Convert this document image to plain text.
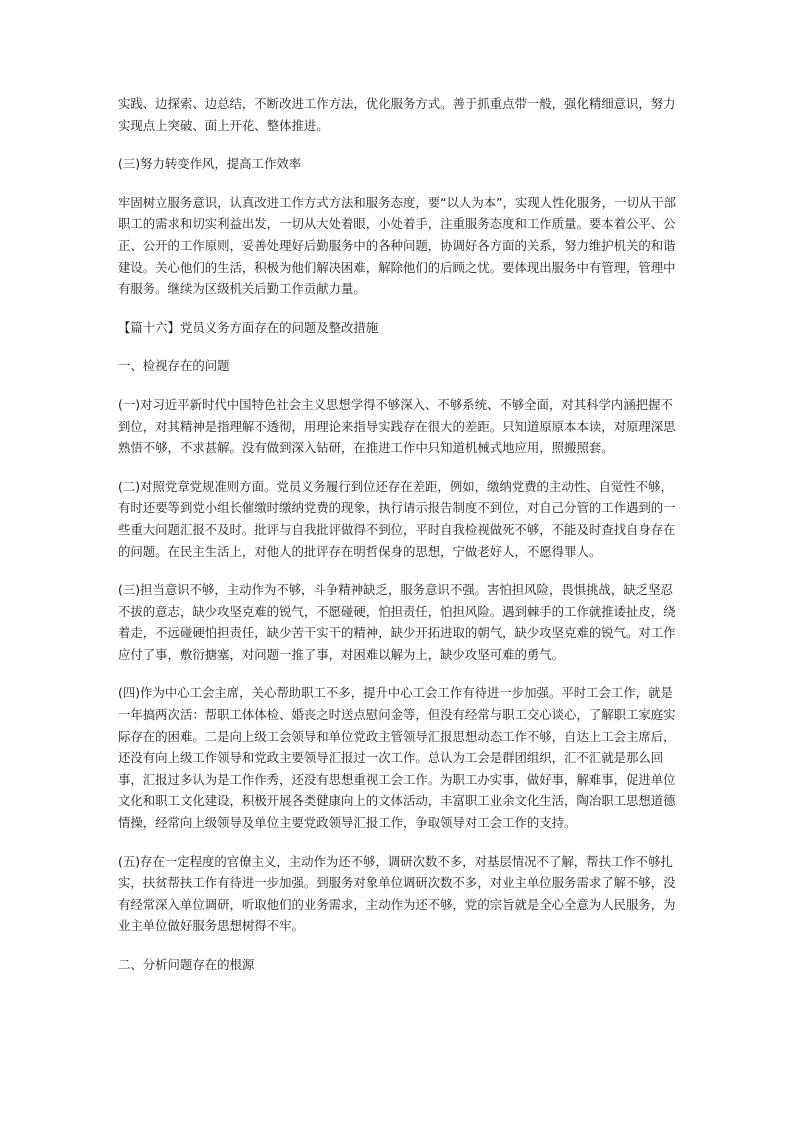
实践、边探索、边总结，不断改进工作方法，优化服务方式。善于抓重点带一般，强化精细意识，努力实现点上突破、面上开花、整体推进。

(三)努力转变作风，提高工作效率

牢固树立服务意识，认真改进工作方式方法和服务态度，要“以人为本”，实现人性化服务，一切从干部职工的需求和切实利益出发，一切从大处着眼，小处着手，注重服务态度和工作质量。要本着公平、公正、公开的工作原则，妥善处理好后勤服务中的各种问题，协调好各方面的关系，努力维护机关的和谐建设。关心他们的生活，积极为他们解决困难，解除他们的后顾之忧。要体现出服务中有管理，管理中有服务。继续为区级机关后勤工作贡献力量。

【篇十六】党员义务方面存在的问题及整改措施

一、检视存在的问题

(一)对习近平新时代中国特色社会主义思想学得不够深入、不够系统、不够全面，对其科学内涵把握不到位，对其精神是指理解不透彻，用理论来指导实践存在很大的差距。只知道原原本本读，对原理深思熟悟不够，不求甚解。没有做到深入钻研，在推进工作中只知道机械式地应用，照搬照套。

(二)对照党章党规准则方面。党员义务履行到位还存在差距，例如，缴纳党费的主动性、自觉性不够，有时还要等到党小组长催缴时缴纳党费的现象，执行请示报告制度不到位，对自己分管的工作遇到的一些重大问题汇报不及时。批评与自我批评做得不到位，平时自我检视做死不够，不能及时查找自身存在的问题。在民主生活上，对他人的批评存在明哲保身的思想，宁做老好人，不愿得罪人。

(三)担当意识不够，主动作为不够，斗争精神缺乏，服务意识不强。害怕担风险，畏惧挑战，缺乏坚忍不拔的意志，缺少攻坚克难的锐气，不愿碰硬，怕担责任，怕担风险。遇到棘手的工作就推诿扯皮，绕着走，不远碰硬怕担责任，缺少苦干实干的精神，缺少开拓进取的朝气，缺少攻坚克难的锐气。对工作应付了事，敷衍搪塞，对问题一推了事，对困难以解为上，缺少攻坚可难的勇气。

(四)作为中心工会主席，关心帮助职工不多，提升中心工会工作有待进一步加强。平时工会工作，就是一年搞两次活：帮职工体体检、婚丧之时送点慰问金等，但没有经常与职工交心谈心，了解职工家庭实际存在的困难。二是向上级工会领导和单位党政主管领导汇报思想动态工作不够，自达上工会主席后，还没有向上级工作领导和党政主要领导汇报过一次工作。总认为工会是群团组织，汇不汇就是那么回事，汇报过多认为是工作作秀，还没有思想重视工会工作。为职工办实事，做好事，解难事，促进单位文化和职工文化建设，积极开展各类健康向上的文体活动，丰富职工业余文化生活，陶冶职工思想道德情操，经常向上级领导及单位主要党政领导汇报工作，争取领导对工会工作的支持。

(五)存在一定程度的官僚主义，主动作为还不够，调研次数不多，对基层情况不了解，帮扶工作不够扎实，扶贫帮扶工作有待进一步加强。到服务对象单位调研次数不多，对业主单位服务需求了解不够，没有经常深入单位调研，听取他们的业务需求，主动作为还不够，党的宗旨就是全心全意为人民服务，为业主单位做好服务思想树得不牢。

二、分析问题存在的根源
